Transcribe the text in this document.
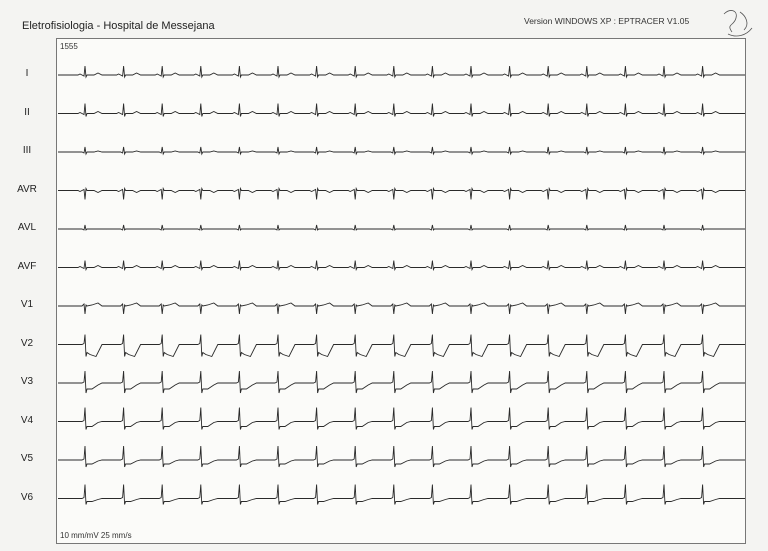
Eletrofisiologia - Hospital de Messejana	Version WINDOWS XP : EPTRACER V1.05
1555
10 mm/mV 25 mm/s
I
II
III
AVR
AVL
AVF
V1
V2
V3
V4
V5
V6
